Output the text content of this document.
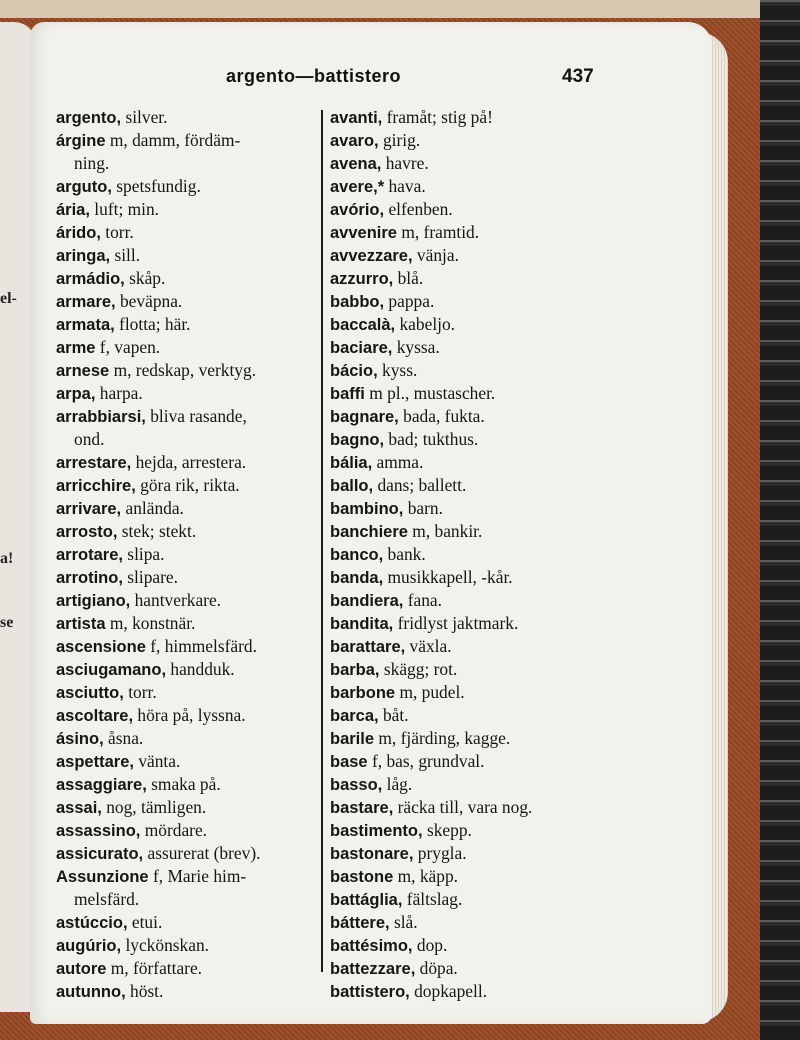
el-
a!
se
argento—battistero	437
argento, silver.
árgine m, damm, fördäm-
ning.
arguto, spetsfundig.
ária, luft; min.
árido, torr.
aringa, sill.
armádio, skåp.
armare, beväpna.
armata, flotta; här.
arme f, vapen.
arnese m, redskap, verktyg.
arpa, harpa.
arrabbiarsi, bliva rasande,
ond.
arrestare, hejda, arrestera.
arricchire, göra rik, rikta.
arrivare, anlända.
arrosto, stek; stekt.
arrotare, slipa.
arrotino, slipare.
artigiano, hantverkare.
artista m, konstnär.
ascensione f, himmelsfärd.
asciugamano, handduk.
asciutto, torr.
ascoltare, höra på, lyssna.
ásino, åsna.
aspettare, vänta.
assaggiare, smaka på.
assai, nog, tämligen.
assassino, mördare.
assicurato, assurerat (brev).
Assunzione f, Marie him-
melsfärd.
astúccio, etui.
augúrio, lyckönskan.
autore m, författare.
autunno, höst.
avanti, framåt; stig på!
avaro, girig.
avena, havre.
avere,* hava.
avório, elfenben.
avvenire m, framtid.
avvezzare, vänja.
azzurro, blå.
babbo, pappa.
baccalà, kabeljo.
baciare, kyssa.
bácio, kyss.
baffi m pl., mustascher.
bagnare, bada, fukta.
bagno, bad; tukthus.
bália, amma.
ballo, dans; ballett.
bambino, barn.
banchiere m, bankir.
banco, bank.
banda, musikkapell, -kår.
bandiera, fana.
bandita, fridlyst jaktmark.
barattare, växla.
barba, skägg; rot.
barbone m, pudel.
barca, båt.
barile m, fjärding, kagge.
base f, bas, grundval.
basso, låg.
bastare, räcka till, vara nog.
bastimento, skepp.
bastonare, prygla.
bastone m, käpp.
battáglia, fältslag.
báttere, slå.
battésimo, dop.
battezzare, döpa.
battistero, dopkapell.
